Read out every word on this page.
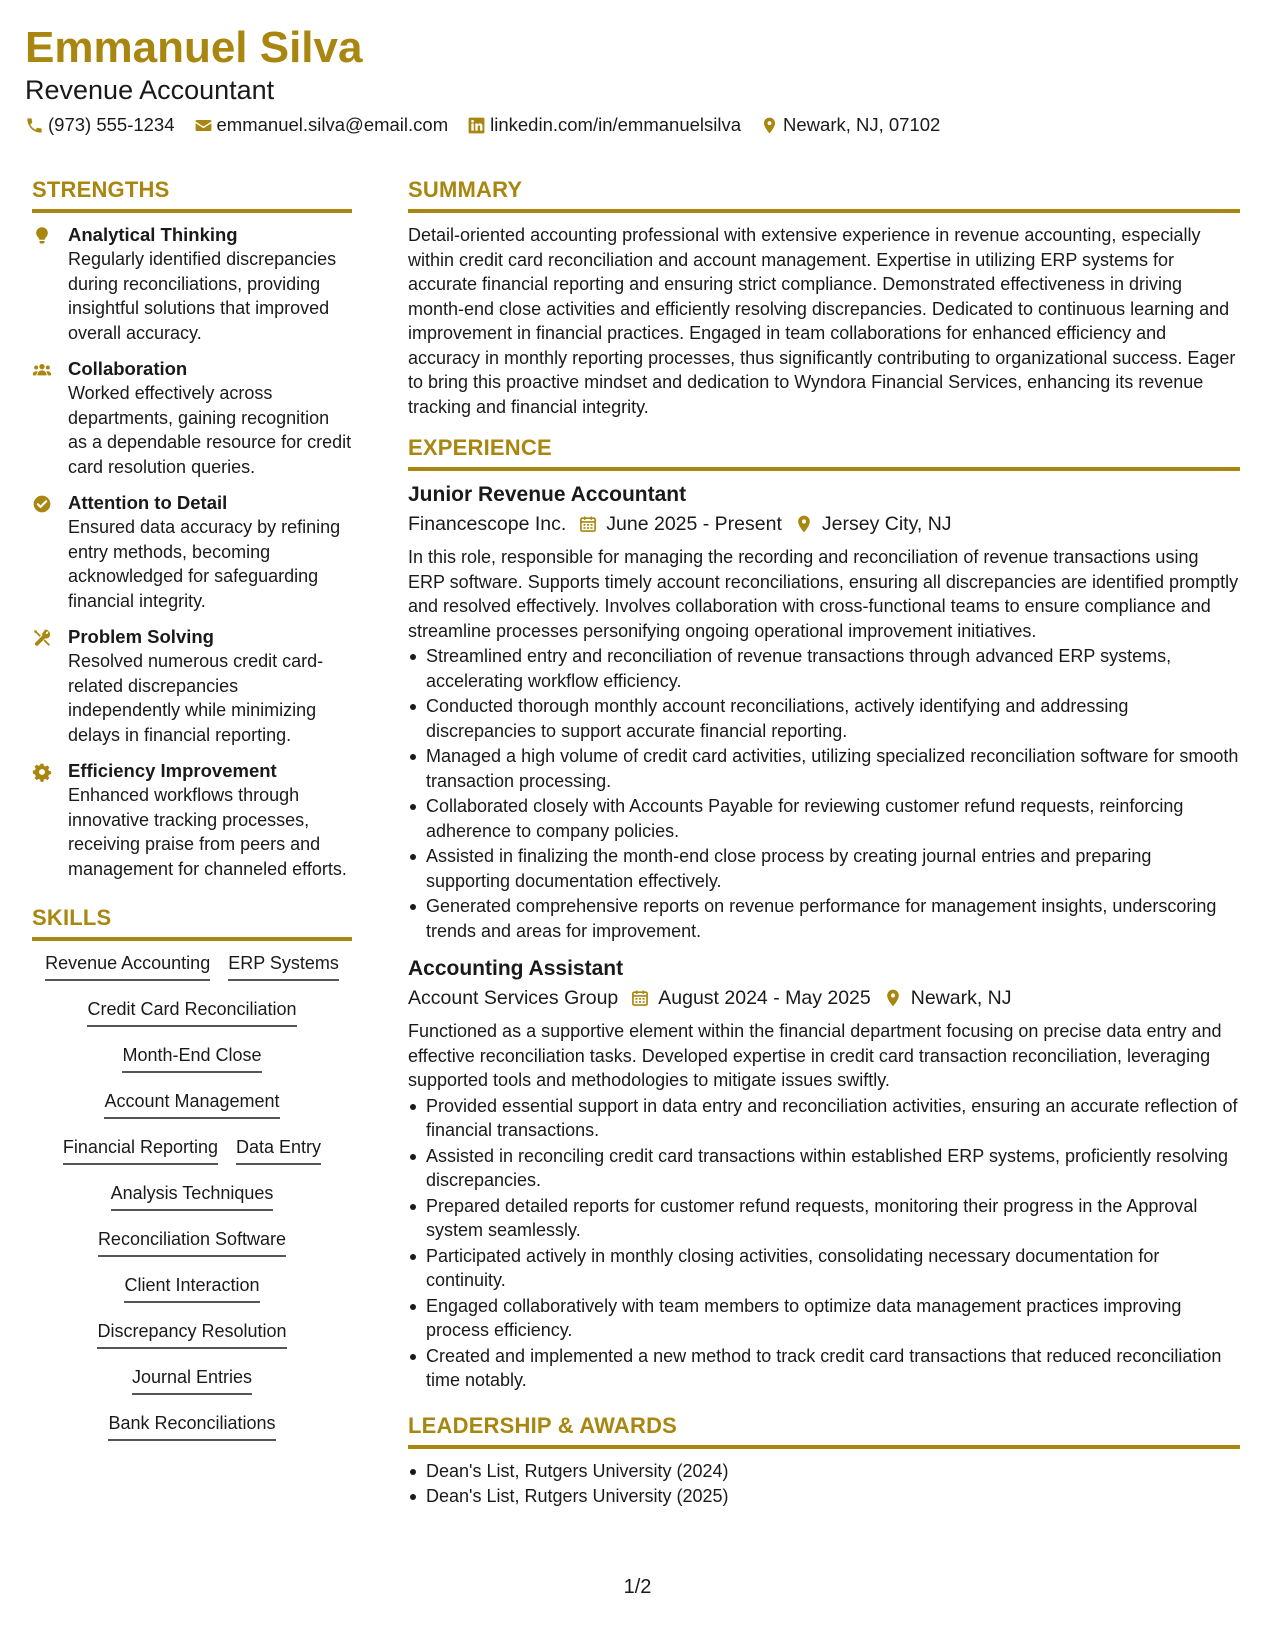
Emmanuel Silva
Revenue Accountant
(973) 555-1234 emmanuel.silva@email.com linkedin.com/in/emmanuelsilva Newark, NJ, 07102
STRENGTHS
Analytical Thinking
Regularly identified discrepancies during reconciliations, providing insightful solutions that improved overall accuracy.
Collaboration
Worked effectively across departments, gaining recognition as a dependable resource for credit card resolution queries.
Attention to Detail
Ensured data accuracy by refining entry methods, becoming acknowledged for safeguarding financial integrity.
Problem Solving
Resolved numerous credit card-related discrepancies independently while minimizing delays in financial reporting.
Efficiency Improvement
Enhanced workflows through innovative tracking processes, receiving praise from peers and management for channeled efforts.
SKILLS
Revenue Accounting ERP Systems
Credit Card Reconciliation
Month-End Close
Account Management
Financial Reporting Data Entry
Analysis Techniques
Reconciliation Software
Client Interaction
Discrepancy Resolution
Journal Entries
Bank Reconciliations
SUMMARY
Detail-oriented accounting professional with extensive experience in revenue accounting, especially within credit card reconciliation and account management. Expertise in utilizing ERP systems for accurate financial reporting and ensuring strict compliance. Demonstrated effectiveness in driving month-end close activities and efficiently resolving discrepancies. Dedicated to continuous learning and improvement in financial practices. Engaged in team collaborations for enhanced efficiency and accuracy in monthly reporting processes, thus significantly contributing to organizational success. Eager to bring this proactive mindset and dedication to Wyndora Financial Services, enhancing its revenue tracking and financial integrity.
EXPERIENCE
Junior Revenue Accountant
Financescope Inc. June 2025 - Present Jersey City, NJ
In this role, responsible for managing the recording and reconciliation of revenue transactions using ERP software. Supports timely account reconciliations, ensuring all discrepancies are identified promptly and resolved effectively. Involves collaboration with cross-functional teams to ensure compliance and streamline processes personifying ongoing operational improvement initiatives.
Streamlined entry and reconciliation of revenue transactions through advanced ERP systems, accelerating workflow efficiency.
Conducted thorough monthly account reconciliations, actively identifying and addressing discrepancies to support accurate financial reporting.
Managed a high volume of credit card activities, utilizing specialized reconciliation software for smooth transaction processing.
Collaborated closely with Accounts Payable for reviewing customer refund requests, reinforcing adherence to company policies.
Assisted in finalizing the month-end close process by creating journal entries and preparing supporting documentation effectively.
Generated comprehensive reports on revenue performance for management insights, underscoring trends and areas for improvement.
Accounting Assistant
Account Services Group August 2024 - May 2025 Newark, NJ
Functioned as a supportive element within the financial department focusing on precise data entry and effective reconciliation tasks. Developed expertise in credit card transaction reconciliation, leveraging supported tools and methodologies to mitigate issues swiftly.
Provided essential support in data entry and reconciliation activities, ensuring an accurate reflection of financial transactions.
Assisted in reconciling credit card transactions within established ERP systems, proficiently resolving discrepancies.
Prepared detailed reports for customer refund requests, monitoring their progress in the Approval system seamlessly.
Participated actively in monthly closing activities, consolidating necessary documentation for continuity.
Engaged collaboratively with team members to optimize data management practices improving process efficiency.
Created and implemented a new method to track credit card transactions that reduced reconciliation time notably.
LEADERSHIP & AWARDS
Dean's List, Rutgers University (2024)
Dean's List, Rutgers University (2025)
1/2
